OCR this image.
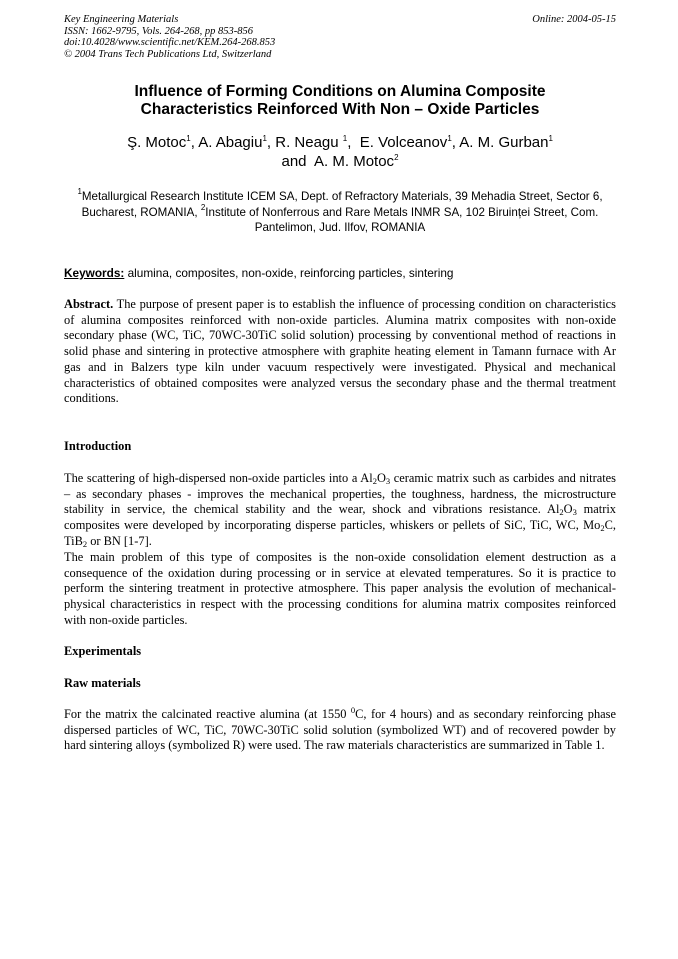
Key Engineering Materials
ISSN: 1662-9795, Vols. 264-268, pp 853-856
doi:10.4028/www.scientific.net/KEM.264-268.853
© 2004 Trans Tech Publications Ltd, Switzerland
Online: 2004-05-15
Influence of Forming Conditions on Alumina Composite
Characteristics Reinforced With Non – Oxide Particles
Ş. Motoc$^1$, A. Abagiu$^1$, R. Neagu $^1$,  E. Volceanov$^1$, A. M. Gurban$^1$
and A. M. Motoc$^2$
$^1$Metallurgical Research Institute ICEM SA, Dept. of Refractory Materials, 39 Mehadia Street, Sector 6, Bucharest, ROMANIA, $^2$Institute of Nonferrous and Rare Metals INMR SA, 102 Biruinței Street, Com. Pantelimon, Jud. Ilfov, ROMANIA
Keywords: alumina, composites, non-oxide, reinforcing particles, sintering

Abstract. The purpose of present paper is to establish the influence of processing condition on characteristics of alumina composites reinforced with non-oxide particles. Alumina matrix composites with non-oxide secondary phase (WC, TiC, 70WC-30TiC solid solution) processing by conventional method of reactions in solid phase and sintering in protective atmosphere with graphite heating element in Tamann furnace with Ar gas and in Balzers type kiln under vacuum respectively were investigated. Physical and mechanical characteristics of obtained composites were analyzed versus the secondary phase and the thermal treatment conditions.

Introduction

The scattering of high-dispersed non-oxide particles into a $Al_2O_3$ ceramic matrix such as carbides and nitrates – as secondary phases - improves the mechanical properties, the toughness, hardness, the microstructure stability in service, the chemical stability and the wear, shock and vibrations resistance. $Al_2O_3$ matrix composites were developed by incorporating disperse particles, whiskers or pellets of SiC, TiC, WC, $Mo_2C$, TiB$_2$ or BN [1-7].

The main problem of this type of composites is the non-oxide consolidation element destruction as a consequence of the oxidation during processing or in service at elevated temperatures. So it is practice to perform the sintering treatment in protective atmosphere. This paper analysis the evolution of mechanical-physical characteristics in respect with the processing conditions for alumina matrix composites reinforced with non-oxide particles.

Experimentals
Raw materials

For the matrix the calcinated reactive alumina (at 1550 $^0$C, for 4 hours) and as secondary reinforcing phase dispersed particles of WC, TiC, 70WC-30TiC solid solution (symbolized WT) and of recovered powder by hard sintering alloys (symbolized R) were used. The raw materials characteristics are summarized in Table 1.
